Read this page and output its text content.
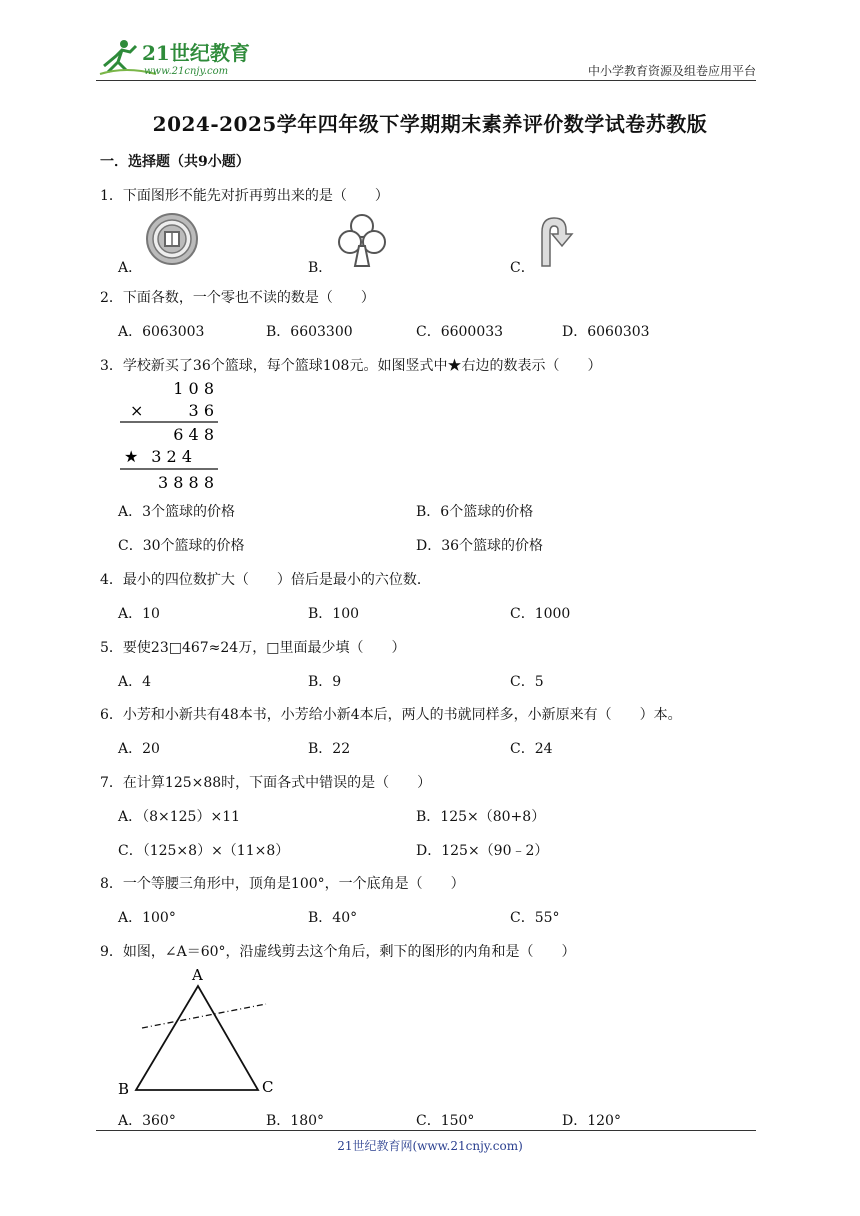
21世纪教育
www.21cnjy.com	中小学教育资源及组卷应用平台
2024-2025学年四年级下学期期末素养评价数学试卷苏教版
一．选择题（共9小题）
1．下面图形不能先对折再剪出来的是（　　）
A．	B．	C．
2．下面各数，一个零也不读的数是（　　）
A．6063003	B．6603300	C．6600033	D．6060303
3．学校新买了36个篮球，每个篮球108元。如图竖式中★右边的数表示（　　）
1 0 8
×	3 6
6 4 8
★ 3 2 4
3 8 8 8
A．3个篮球的价格	B．6个篮球的价格
C．30个篮球的价格	D．36个篮球的价格
4．最小的四位数扩大（　　）倍后是最小的六位数．
A．10	B．100	C．1000
5．要使23□467≈24万，□里面最少填（　　）
A．4	B．9	C．5
6．小芳和小新共有48本书，小芳给小新4本后，两人的书就同样多，小新原来有（　　）本。
A．20	B．22	C．24
7．在计算125×88时，下面各式中错误的是（　　）
A．（8×125）×11	B．125×（80+8）
C．（125×8）×（11×8）	D．125×（90﹣2）
8．一个等腰三角形中，顶角是100°，一个底角是（　　）
A．100°	B．40°	C．55°
9．如图，∠A＝60°，沿虚线剪去这个角后，剩下的图形的内角和是（　　）
A
B	C
A．360°	B．180°	C．150°	D．120°
21世纪教育网(www.21cnjy.com)
